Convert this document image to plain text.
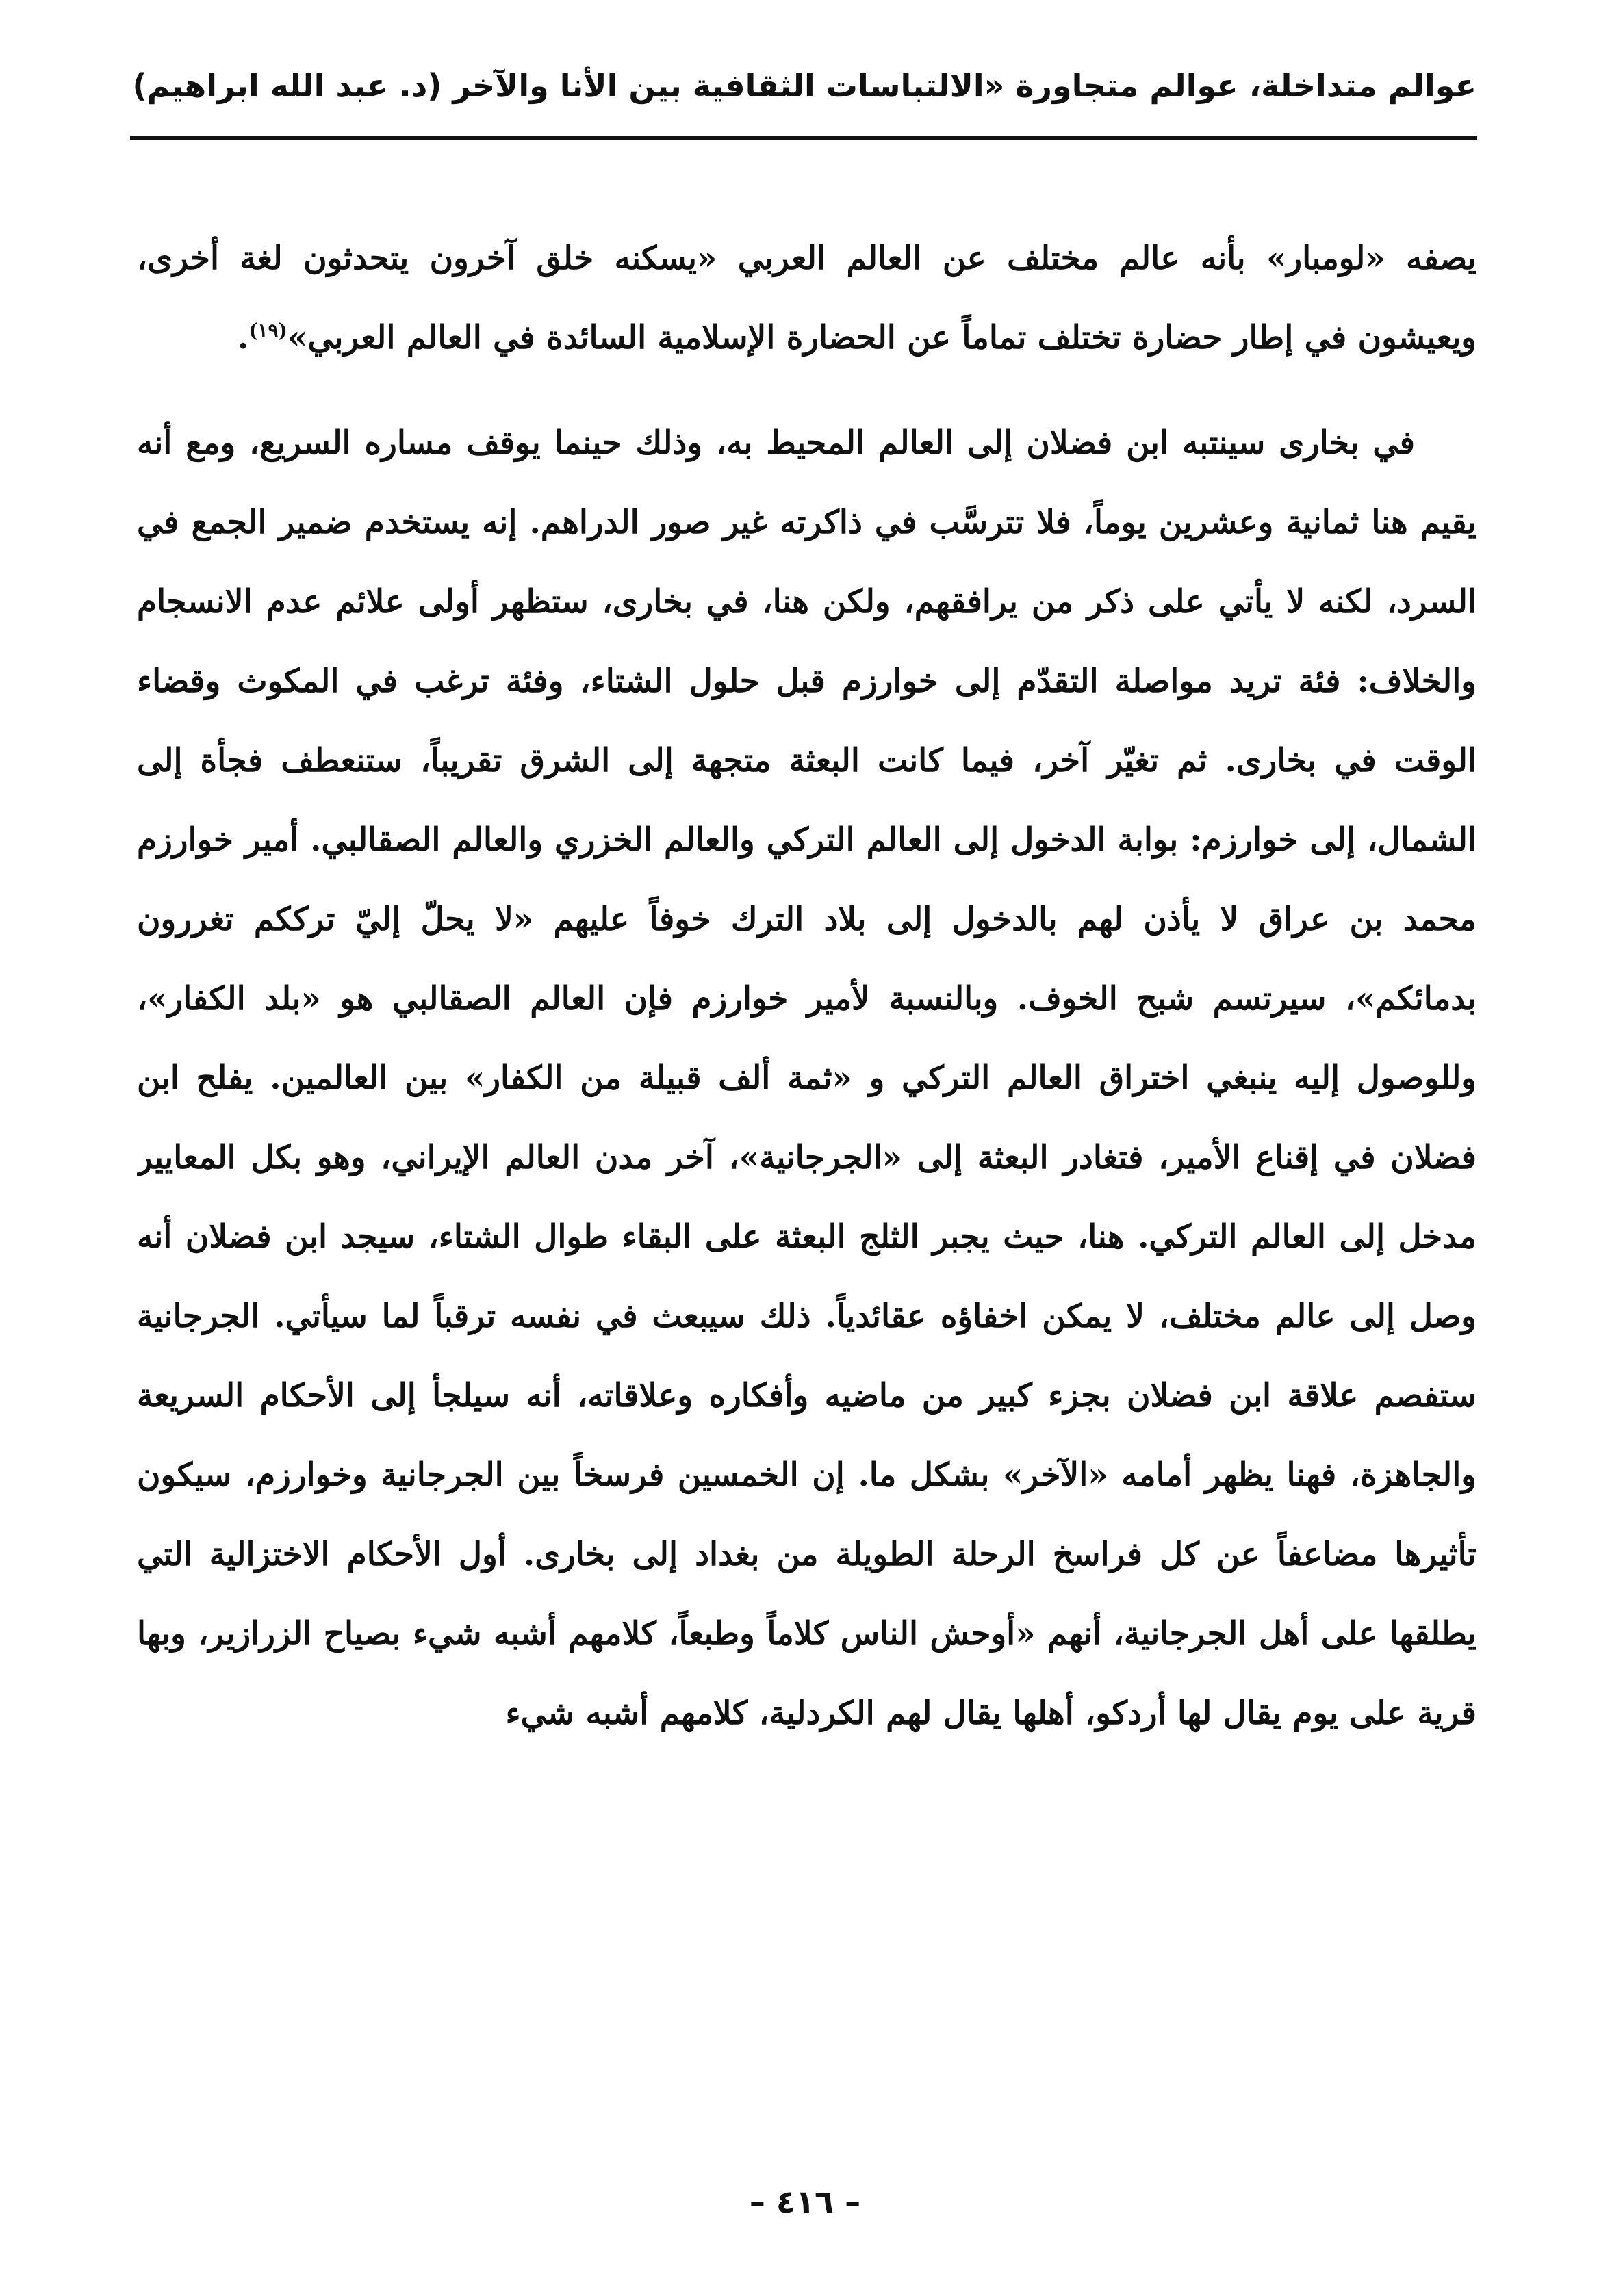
عوالم متداخلة، عوالم متجاورة «الالتباسات الثقافية بين الأنا والآخر (د. عبد الله ابراهيم)

يصفه «لومبار» بأنه عالم مختلف عن العالم العربي «يسكنه خلق آخرون يتحدثون لغة أخرى، ويعيشون في إطار حضارة تختلف تماماً عن الحضارة الإسلامية السائدة في العالم العربي»$^{(١٩)}$.

في بخارى سينتبه ابن فضلان إلى العالم المحيط به، وذلك حينما يوقف مساره السريع، ومع أنه يقيم هنا ثمانية وعشرين يوماً، فلا تترسَّب في ذاكرته غير صور الدراهم. إنه يستخدم ضمير الجمع في السرد، لكنه لا يأتي على ذكر من يرافقهم، ولكن هنا، في بخارى، ستظهر أولى علائم عدم الانسجام والخلاف: فئة تريد مواصلة التقدّم إلى خوارزم قبل حلول الشتاء، وفئة ترغب في المكوث وقضاء الوقت في بخارى. ثم تغيّر آخر، فيما كانت البعثة متجهة إلى الشرق تقريباً، ستنعطف فجأة إلى الشمال، إلى خوارزم: بوابة الدخول إلى العالم التركي والعالم الخزري والعالم الصقالبي. أمير خوارزم محمد بن عراق لا يأذن لهم بالدخول إلى بلاد الترك خوفاً عليهم «لا يحلّ إليّ ترككم تغررون بدمائكم»، سيرتسم شبح الخوف. وبالنسبة لأمير خوارزم فإن العالم الصقالبي هو «بلد الكفار»، وللوصول إليه ينبغي اختراق العالم التركي و «ثمة ألف قبيلة من الكفار» بين العالمين. يفلح ابن فضلان في إقناع الأمير، فتغادر البعثة إلى «الجرجانية»، آخر مدن العالم الإيراني، وهو بكل المعايير مدخل إلى العالم التركي. هنا، حيث يجبر الثلج البعثة على البقاء طوال الشتاء، سيجد ابن فضلان أنه وصل إلى عالم مختلف، لا يمكن اخفاؤه عقائدياً. ذلك سيبعث في نفسه ترقباً لما سيأتي. الجرجانية ستفصم علاقة ابن فضلان بجزء كبير من ماضيه وأفكاره وعلاقاته، أنه سيلجأ إلى الأحكام السريعة والجاهزة، فهنا يظهر أمامه «الآخر» بشكل ما. إن الخمسين فرسخاً بين الجرجانية وخوارزم، سيكون تأثيرها مضاعفاً عن كل فراسخ الرحلة الطويلة من بغداد إلى بخارى. أول الأحكام الاختزالية التي يطلقها على أهل الجرجانية، أنهم «أوحش الناس كلاماً وطبعاً، كلامهم أشبه شيء بصياح الزرازير، وبها قرية على يوم يقال لها أردكو، أهلها يقال لهم الكردلية، كلامهم أشبه شيء

– ٤١٦ –
